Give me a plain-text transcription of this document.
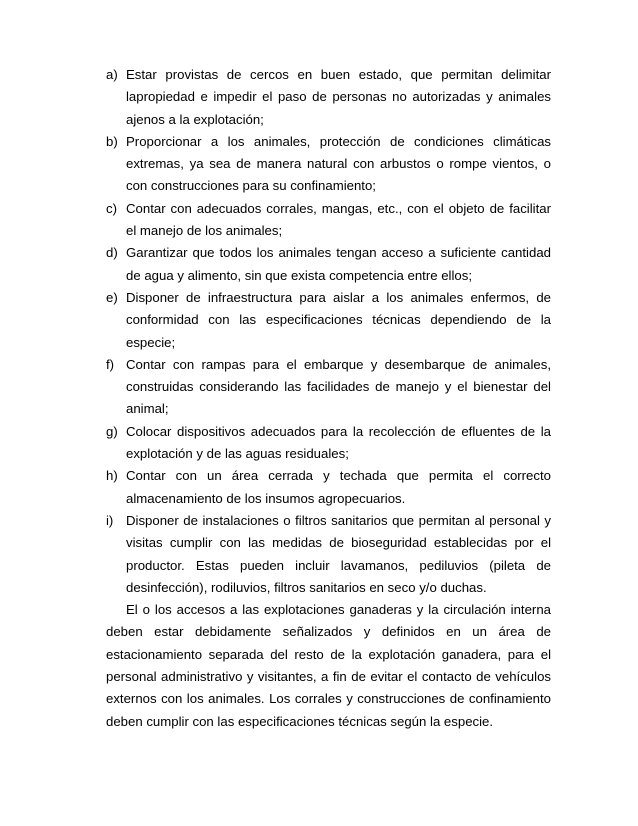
a) Estar provistas de cercos en buen estado, que permitan delimitar lapropiedad e impedir el paso de personas no autorizadas y animales ajenos a la explotación;
b) Proporcionar a los animales, protección de condiciones climáticas extremas, ya sea de manera natural con arbustos o rompe vientos, o con construcciones para su confinamiento;
c) Contar con adecuados corrales, mangas, etc., con el objeto de facilitar el manejo de los animales;
d) Garantizar que todos los animales tengan acceso a suficiente cantidad de agua y alimento, sin que exista competencia entre ellos;
e) Disponer de infraestructura para aislar a los animales enfermos, de conformidad con las especificaciones técnicas dependiendo de la especie;
f) Contar con rampas para el embarque y desembarque de animales, construidas considerando las facilidades de manejo y el bienestar del animal;
g) Colocar dispositivos adecuados para la recolección de efluentes de la explotación y de las aguas residuales;
h) Contar con un área cerrada y techada que permita el correcto almacenamiento de los insumos agropecuarios.
i) Disponer de instalaciones o filtros sanitarios que permitan al personal y visitas cumplir con las medidas de bioseguridad establecidas por el productor. Estas pueden incluir lavamanos, pediluvios (pileta de desinfección), rodiluvios, filtros sanitarios en seco y/o duchas.

El o los accesos a las explotaciones ganaderas y la circulación interna deben estar debidamente señalizados y definidos en un área de estacionamiento separada del resto de la explotación ganadera, para el personal administrativo y visitantes, a fin de evitar el contacto de vehículos externos con los animales. Los corrales y construcciones de confinamiento deben cumplir con las especificaciones técnicas según la especie.
